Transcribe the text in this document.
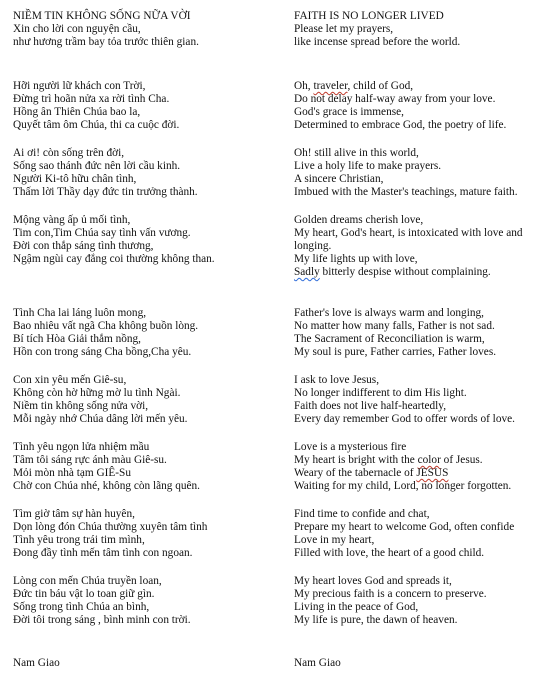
NIỀM TIN KHÔNG SỐNG NỮA VỜI
Xin cho lời con nguyện cầu,
như hương trầm bay tỏa trước thiên gian.
Hỡi người lữ khách con Trời,
Đừng trì hoãn nửa xa rời tình Cha.
Hồng ân Thiên Chúa bao la,
Quyết tâm ôm Chúa, thi ca cuộc đời.
Ai ơi! còn sống trên đời,
Sống sao thánh đức nên lời cầu kinh.
Người Ki-tô hữu chân tình,
Thấm lời Thầy dạy đức tin trưởng thành.
Mộng vàng ấp ủ mối tình,
Tim con,Tim Chúa say tình vấn vương.
Đời con thắp sáng tình thương,
Ngậm ngùi cay đắng coi thường không than.
Tình Cha lai láng luôn mong,
Bao nhiêu vất ngã Cha không buồn lòng.
Bí tích Hòa Giải thắm nồng,
Hồn con trong sáng Cha bồng,Cha yêu.
Con xin yêu mến Giê-su,
Không còn hờ hững mờ lu tình Ngài.
Niềm tin không sống nửa vời,
Mỗi ngày nhớ Chúa dâng lời mến yêu.
Tình yêu ngọn lửa nhiệm mầu
Tâm tôi sáng rực ánh màu Giê-su.
Mỏi mòn nhà tạm GIÊ-Su
Chờ con Chúa nhé, không còn lãng quên.
Tìm giờ tâm sự hàn huyên,
Dọn lòng đón Chúa thường xuyên tâm tình
Tình yêu trong trái tim mình,
Đong đầy tình mến tâm tình con ngoan.
Lòng con mến Chúa truyền loan,
Đức tin báu vật lo toan giữ gìn.
Sống trong tình Chúa an bình,
Đời tôi trong sáng , bình minh con trời.
FAITH IS NO LONGER LIVED
Please let my prayers,
like incense spread before the world.
Oh, traveler, child of God,
Do not delay half-way away from your love.
God's grace is immense,
Determined to embrace God, the poetry of life.
Oh! still alive in this world,
Live a holy life to make prayers.
A sincere Christian,
Imbued with the Master's teachings, mature faith.
Golden dreams cherish love,
My heart, God's heart, is intoxicated with love and
longing.
My life lights up with love,
Sadly bitterly despise without complaining.
Father's love is always warm and longing,
No matter how many falls, Father is not sad.
The Sacrament of Reconciliation is warm,
My soul is pure, Father carries, Father loves.
I ask to love Jesus,
No longer indifferent to dim His light.
Faith does not live half-heartedly,
Every day remember God to offer words of love.
Love is a mysterious fire
My heart is bright with the color of Jesus.
Weary of the tabernacle of JESUS
Waiting for my child, Lord, no longer forgotten.
Find time to confide and chat,
Prepare my heart to welcome God, often confide
Love in my heart,
Filled with love, the heart of a good child.
My heart loves God and spreads it,
My precious faith is a concern to preserve.
Living in the peace of God,
My life is pure, the dawn of heaven.
Nam Giao	Nam Giao
